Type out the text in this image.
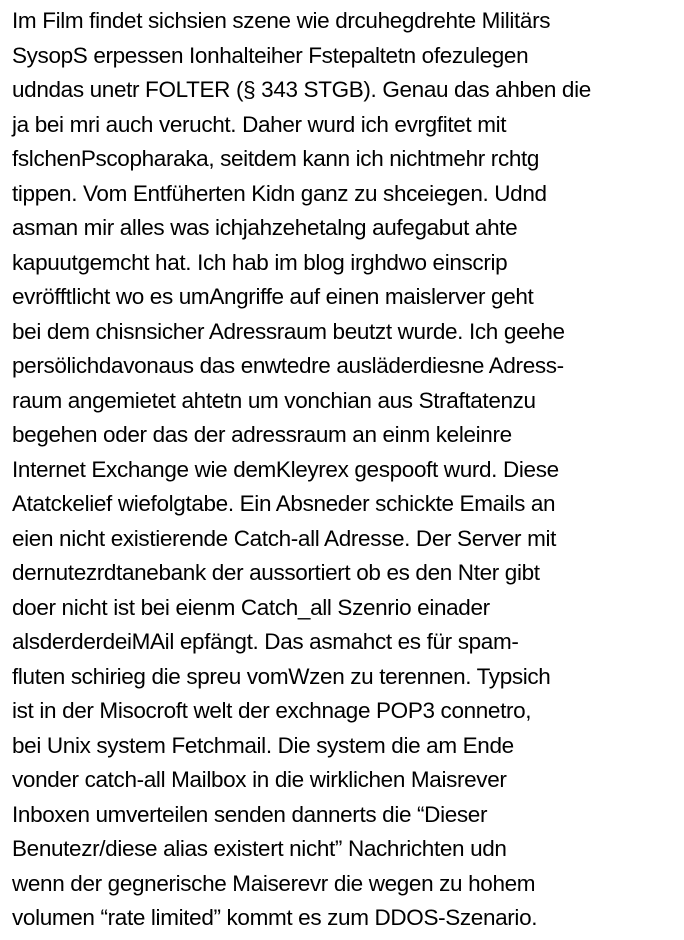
Im Film findet sichsien szene wie drcuhegdrehte Militärs
SysopS erpessen Ionhalteiher Fstepaltetn ofezulegen
udndas unetr FOLTER (§ 343 STGB). Genau das ahben die
ja bei mri auch verucht. Daher wurd ich evrgfitet mit
fslchenPscopharaka, seitdem kann ich nichtmehr rchtg
tippen. Vom Entfüherten Kidn ganz zu shceiegen. Udnd
asman mir alles was ichjahzehetalng aufegabut ahte
kapuutgemcht hat. Ich hab im blog irghdwo einscrip
evröfftlicht wo es umAngriffe auf einen maislerver geht
bei dem chisnsicher Adressraum beutzt wurde. Ich geehe
persölichdavonaus das enwtedre ausläderdiesne Adress-
raum angemietet ahtetn um vonchian aus Straftatenzu
begehen oder das der adressraum an einm keleinre
Internet Exchange wie demKleyrex gespooft wurd. Diese
Atatckelief wiefolgtabe. Ein Absneder schickte Emails an
eien nicht existierende Catch-all Adresse. Der Server mit
dernutezrdtanebank der aussortiert ob es den Nter gibt
doer nicht ist bei eienm Catch_all Szenrio einader
alsderderdeiMAil epfängt. Das asmahct es für spam-
fluten schirieg die spreu vomWzen zu terennen. Typsich
ist in der Misocroft welt der exchnage POP3 connetro,
bei Unix system Fetchmail. Die system die am Ende
vonder catch-all Mailbox in die wirklichen Maisrever
Inboxen umverteilen senden dannerts die “Dieser
Benutezr/diese alias existert nicht” Nachrichten udn
wenn der gegnerische Maiserevr die wegen zu hohem
volumen “rate limited” kommt es zum DDOS-Szenario.
